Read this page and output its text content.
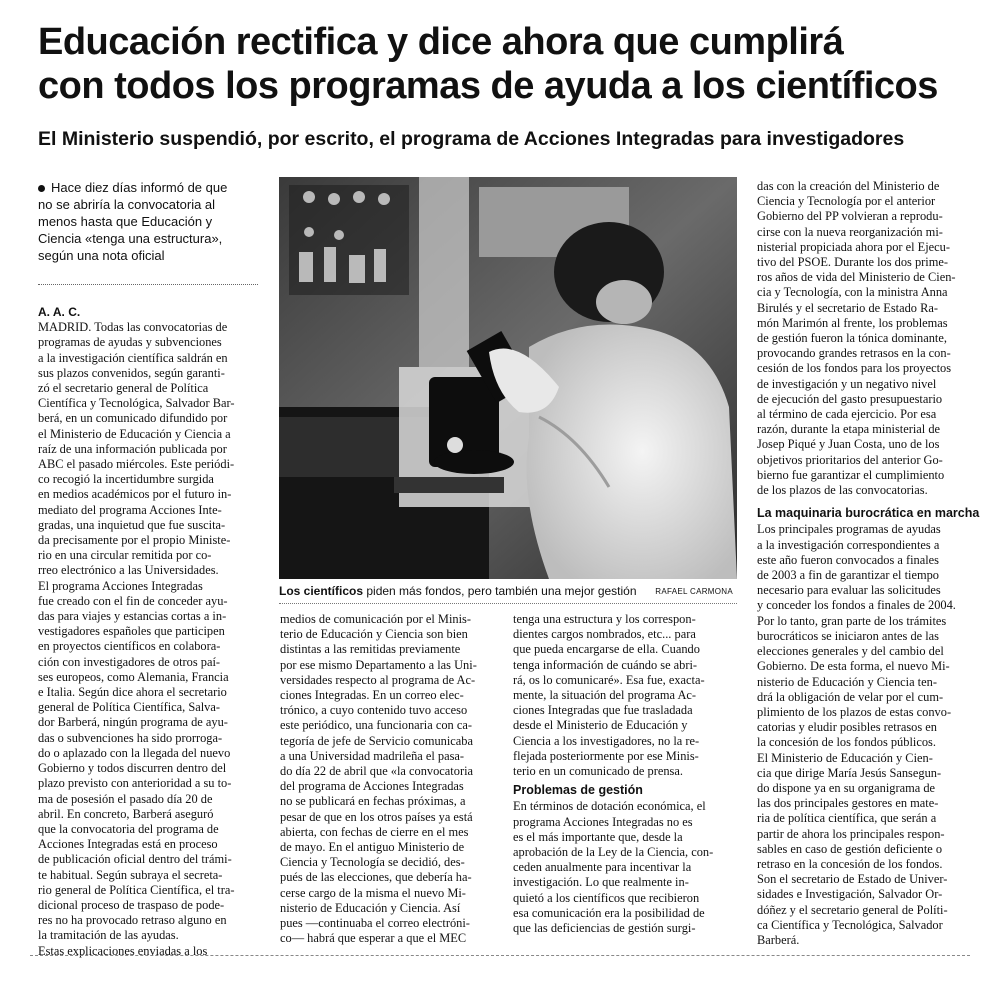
Educación rectifica y dice ahora que cumplirá
con todos los programas de ayuda a los científicos
El Ministerio suspendió, por escrito, el programa de Acciones Integradas para investigadores
Hace diez días informó de que
no se abriría la convocatoria al
menos hasta que Educación y
Ciencia «tenga una estructura»,
según una nota oficial
A. A. C.
MADRID. Todas las convocatorias de
programas de ayudas y subvenciones
a la investigación científica saldrán en
sus plazos convenidos, según garanti-
zó el secretario general de Política
Científica y Tecnológica, Salvador Bar-
berá, en un comunicado difundido por
el Ministerio de Educación y Ciencia a
raíz de una información publicada por
ABC el pasado miércoles. Este periódi-
co recogió la incertidumbre surgida
en medios académicos por el futuro in-
mediato del programa Acciones Inte-
gradas, una inquietud que fue suscita-
da precisamente por el propio Ministe-
rio en una circular remitida por co-
rreo electrónico a las Universidades.
El programa Acciones Integradas
fue creado con el fin de conceder ayu-
das para viajes y estancias cortas a in-
vestigadores españoles que participen
en proyectos científicos en colabora-
ción con investigadores de otros paí-
ses europeos, como Alemania, Francia
e Italia. Según dice ahora el secretario
general de Política Científica, Salva-
dor Barberá, ningún programa de ayu-
das o subvenciones ha sido prorroga-
do o aplazado con la llegada del nuevo
Gobierno y todos discurren dentro del
plazo previsto con anterioridad a su to-
ma de posesión el pasado día 20 de
abril. En concreto, Barberá aseguró
que la convocatoria del programa de
Acciones Integradas está en proceso
de publicación oficial dentro del trámi-
te habitual. Según subraya el secreta-
rio general de Política Científica, el tra-
dicional proceso de traspaso de pode-
res no ha provocado retraso alguno en
la tramitación de las ayudas.
Estas explicaciones enviadas a los
Los científicos piden más fondos, pero también una mejor gestión RAFAEL CARMONA
medios de comunicación por el Minis-
terio de Educación y Ciencia son bien
distintas a las remitidas previamente
por ese mismo Departamento a las Uni-
versidades respecto al programa de Ac-
ciones Integradas. En un correo elec-
trónico, a cuyo contenido tuvo acceso
este periódico, una funcionaria con ca-
tegoría de jefe de Servicio comunicaba
a una Universidad madrileña el pasa-
do día 22 de abril que «la convocatoria
del programa de Acciones Integradas
no se publicará en fechas próximas, a
pesar de que en los otros países ya está
abierta, con fechas de cierre en el mes
de mayo. En el antiguo Ministerio de
Ciencia y Tecnología se decidió, des-
pués de las elecciones, que debería ha-
cerse cargo de la misma el nuevo Mi-
nisterio de Educación y Ciencia. Así
pues —continuaba el correo electróni-
co— habrá que esperar a que el MEC
tenga una estructura y los correspon-
dientes cargos nombrados, etc... para
que pueda encargarse de ella. Cuando
tenga información de cuándo se abri-
rá, os lo comunicaré». Esa fue, exacta-
mente, la situación del programa Ac-
ciones Integradas que fue trasladada
desde el Ministerio de Educación y
Ciencia a los investigadores, no la re-
flejada posteriormente por ese Minis-
terio en un comunicado de prensa.
Problemas de gestión
En términos de dotación económica, el
programa Acciones Integradas no es
es el más importante que, desde la
aprobación de la Ley de la Ciencia, con-
ceden anualmente para incentivar la
investigación. Lo que realmente in-
quietó a los científicos que recibieron
esa comunicación era la posibilidad de
que las deficiencias de gestión surgi-
das con la creación del Ministerio de
Ciencia y Tecnología por el anterior
Gobierno del PP volvieran a reprodu-
cirse con la nueva reorganización mi-
nisterial propiciada ahora por el Ejecu-
tivo del PSOE. Durante los dos prime-
ros años de vida del Ministerio de Cien-
cia y Tecnología, con la ministra Anna
Birulés y el secretario de Estado Ra-
món Marimón al frente, los problemas
de gestión fueron la tónica dominante,
provocando grandes retrasos en la con-
cesión de los fondos para los proyectos
de investigación y un negativo nivel
de ejecución del gasto presupuestario
al término de cada ejercicio. Por esa
razón, durante la etapa ministerial de
Josep Piqué y Juan Costa, uno de los
objetivos prioritarios del anterior Go-
bierno fue garantizar el cumplimiento
de los plazos de las convocatorias.
La maquinaria burocrática en marcha
Los principales programas de ayudas
a la investigación correspondientes a
este año fueron convocados a finales
de 2003 a fin de garantizar el tiempo
necesario para evaluar las solicitudes
y conceder los fondos a finales de 2004.
Por lo tanto, gran parte de los trámites
burocráticos se iniciaron antes de las
elecciones generales y del cambio del
Gobierno. De esta forma, el nuevo Mi-
nisterio de Educación y Ciencia ten-
drá la obligación de velar por el cum-
plimiento de los plazos de estas convo-
catorias y eludir posibles retrasos en
la concesión de los fondos públicos.
El Ministerio de Educación y Cien-
cia que dirige María Jesús Sansegun-
do dispone ya en su organigrama de
las dos principales gestores en mate-
ria de política científica, que serán a
partir de ahora los principales respon-
sables en caso de gestión deficiente o
retraso en la concesión de los fondos.
Son el secretario de Estado de Univer-
sidades e Investigación, Salvador Or-
dóñez y el secretario general de Políti-
ca Científica y Tecnológica, Salvador
Barberá.
